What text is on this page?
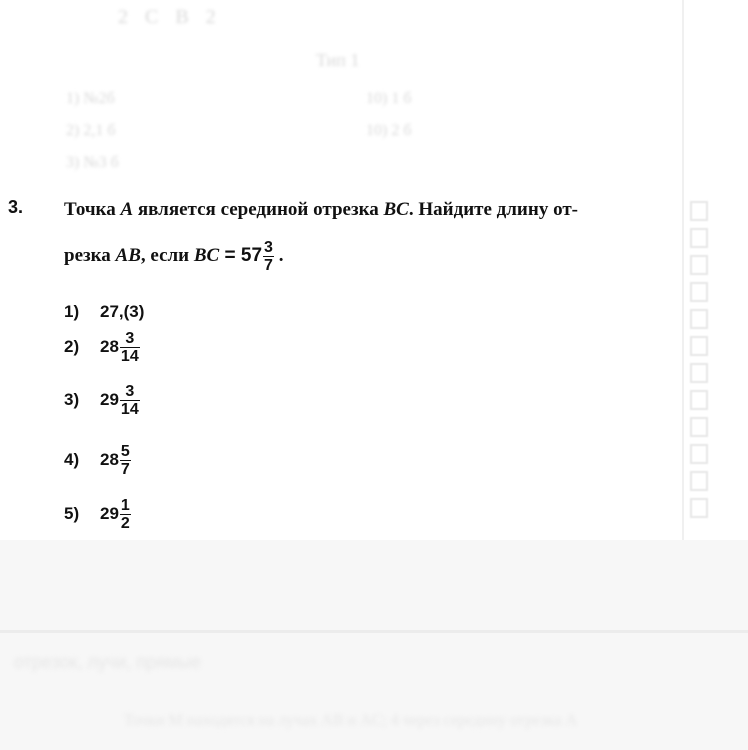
2 C B 2
Тип 1
1) №2б
2) 2,1 б
3) №3 б
10) 1 б
10) 2 б
3. Точка A является серединой отрезка BC. Найдите длину от-
резка AB, если BC = $57 \frac{3}{7}$ .
1) 27,(3)
2) $28 \frac{3}{14}$
3) $29 \frac{3}{14}$
4) $28 \frac{5}{7}$
5) $29 \frac{1}{2}$
отрезок, лучи, прямые
Точки M находятся на лучах AB и AC; 4 через середину отрезка A
